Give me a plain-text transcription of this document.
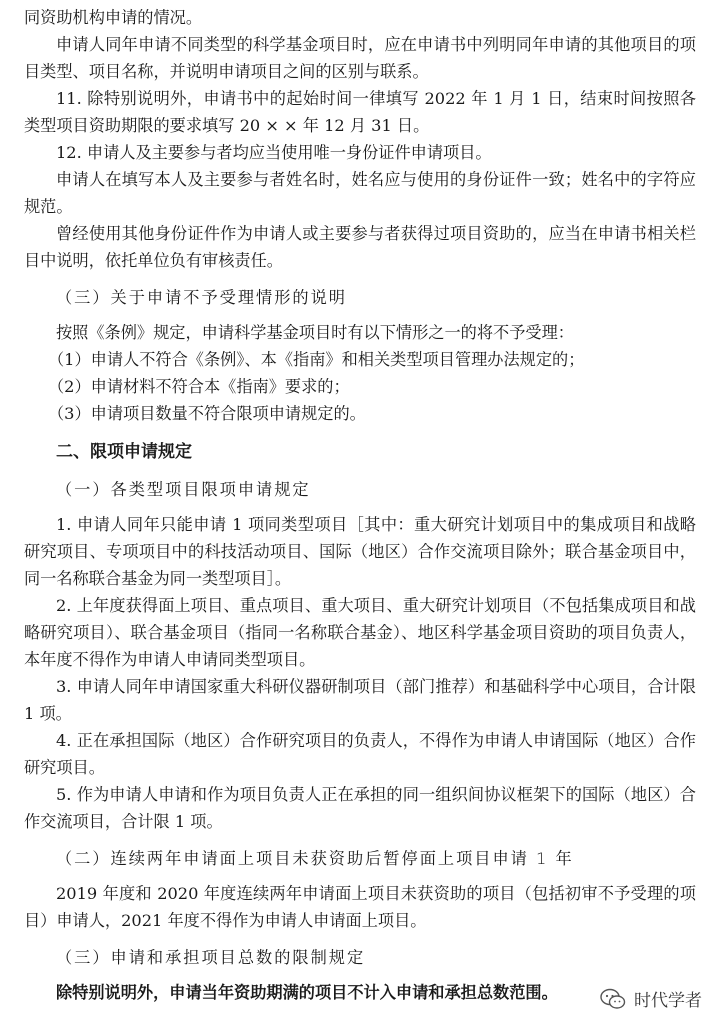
同资助机构申请的情况。

申请人同年申请不同类型的科学基金项目时，应在申请书中列明同年申请的其他项目的项目类型、项目名称，并说明申请项目之间的区别与联系。

11. 除特别说明外，申请书中的起始时间一律填写 2022 年 1 月 1 日，结束时间按照各类型项目资助期限的要求填写 20 × × 年 12 月 31 日。

12. 申请人及主要参与者均应当使用唯一身份证件申请项目。

申请人在填写本人及主要参与者姓名时，姓名应与使用的身份证件一致；姓名中的字符应规范。

曾经使用其他身份证件作为申请人或主要参与者获得过项目资助的，应当在申请书相关栏目中说明，依托单位负有审核责任。

（三）关于申请不予受理情形的说明

按照《条例》规定，申请科学基金项目时有以下情形之一的将不予受理：

（1）申请人不符合《条例》、本《指南》和相关类型项目管理办法规定的；

（2）申请材料不符合本《指南》要求的；

（3）申请项目数量不符合限项申请规定的。

二、限项申请规定
（一）各类型项目限项申请规定

1. 申请人同年只能申请 1 项同类型项目［其中：重大研究计划项目中的集成项目和战略研究项目、专项项目中的科技活动项目、国际（地区）合作交流项目除外；联合基金项目中，同一名称联合基金为同一类型项目］。

2. 上年度获得面上项目、重点项目、重大项目、重大研究计划项目（不包括集成项目和战略研究项目）、联合基金项目（指同一名称联合基金）、地区科学基金项目资助的项目负责人，本年度不得作为申请人申请同类型项目。

3. 申请人同年申请国家重大科研仪器研制项目（部门推荐）和基础科学中心项目，合计限 1 项。

4. 正在承担国际（地区）合作研究项目的负责人，不得作为申请人申请国际（地区）合作研究项目。

5. 作为申请人申请和作为项目负责人正在承担的同一组织间协议框架下的国际（地区）合作交流项目，合计限 1 项。

（二）连续两年申请面上项目未获资助后暂停面上项目申请 1 年

2019 年度和 2020 年度连续两年申请面上项目未获资助的项目（包括初审不予受理的项目）申请人，2021 年度不得作为申请人申请面上项目。

（三）申请和承担项目总数的限制规定

除特别说明外，申请当年资助期满的项目不计入申请和承担总数范围。	时代学者
